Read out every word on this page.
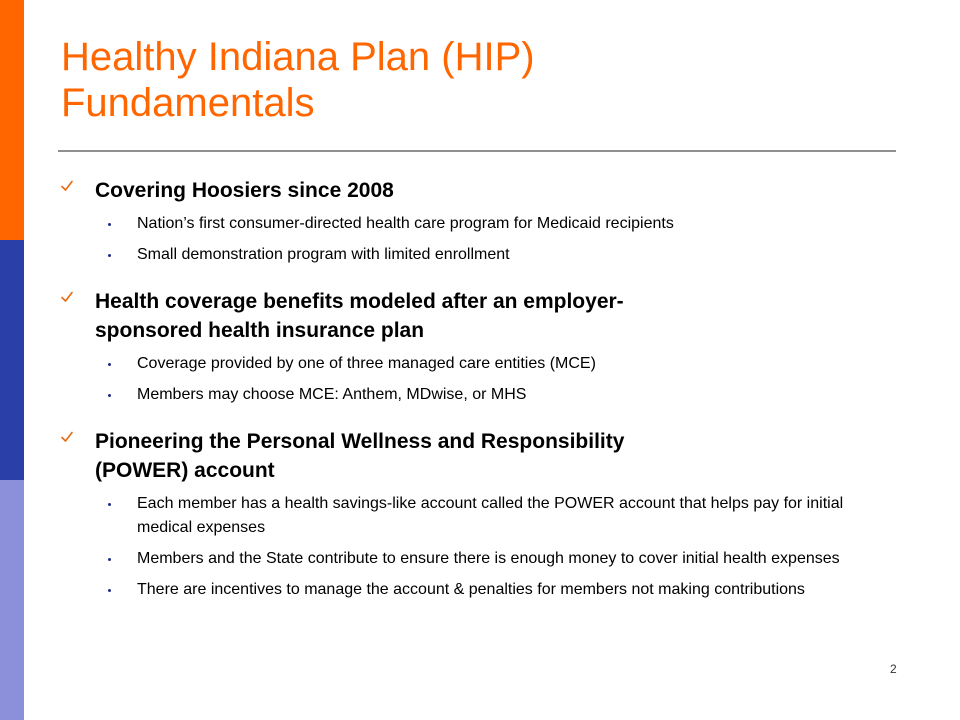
Healthy Indiana Plan (HIP)
Fundamentals

Covering Hoosiers since 2008

Nation’s first consumer-directed health care program for Medicaid recipients
Small demonstration program with limited enrollment

Health coverage benefits modeled after an employer-
sponsored health insurance plan

Coverage provided by one of three managed care entities (MCE)
Members may choose MCE: Anthem, MDwise, or MHS

Pioneering the Personal Wellness and Responsibility
(POWER) account

Each member has a health savings-like account called the POWER account that helps pay for initial medical expenses
Members and the State contribute to ensure there is enough money to cover initial health expenses
There are incentives to manage the account & penalties for members not making contributions
2
